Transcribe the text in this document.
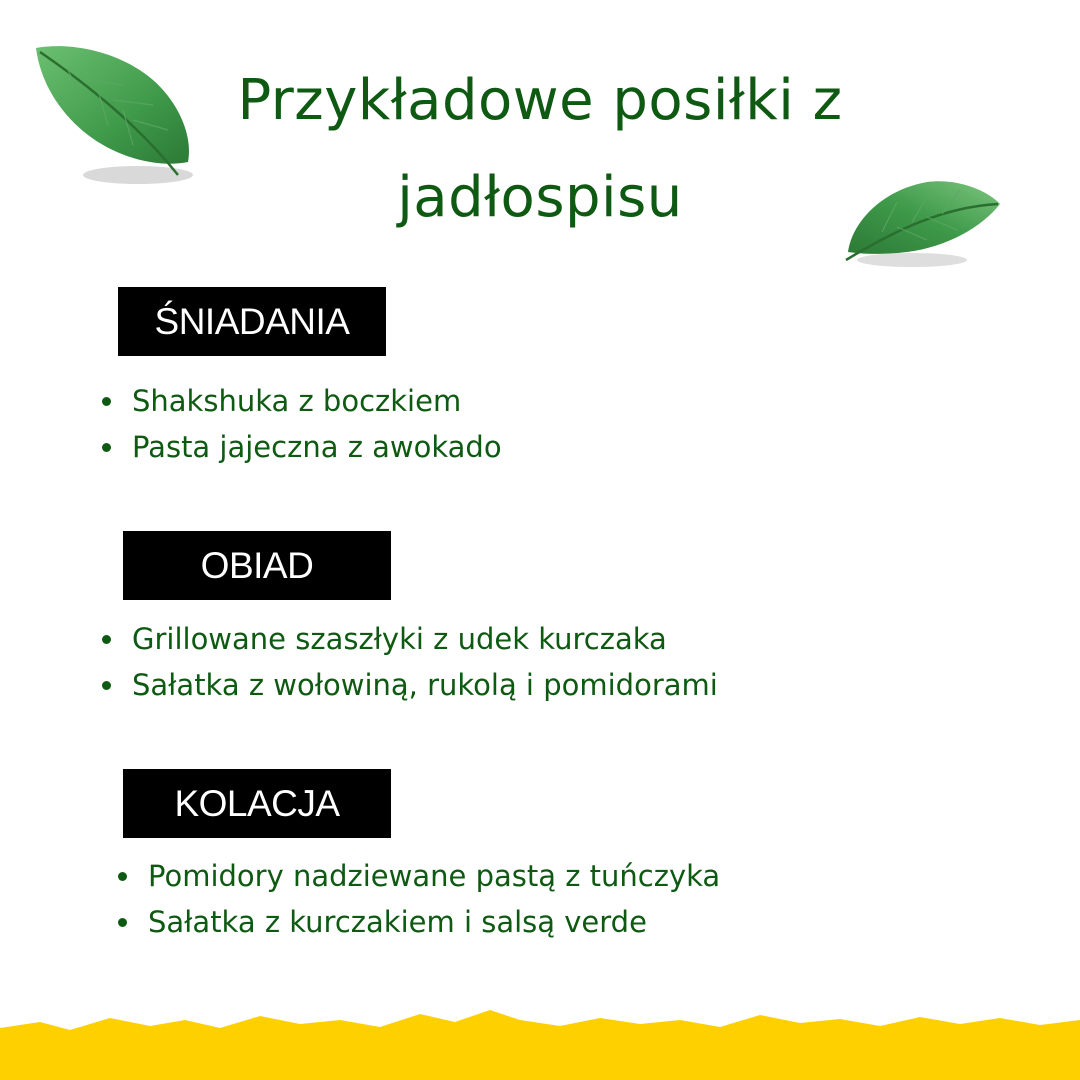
Przykładowe posiłki z jadłospisu
ŚNIADANIA
Shakshuka z boczkiem
Pasta jajeczna z awokado
OBIAD
Grillowane szaszłyki z udek kurczaka
Sałatka z wołowiną, rukolą i pomidorami
KOLACJA
Pomidory nadziewane pastą z tuńczyka
Sałatka z kurczakiem i salsą verde
